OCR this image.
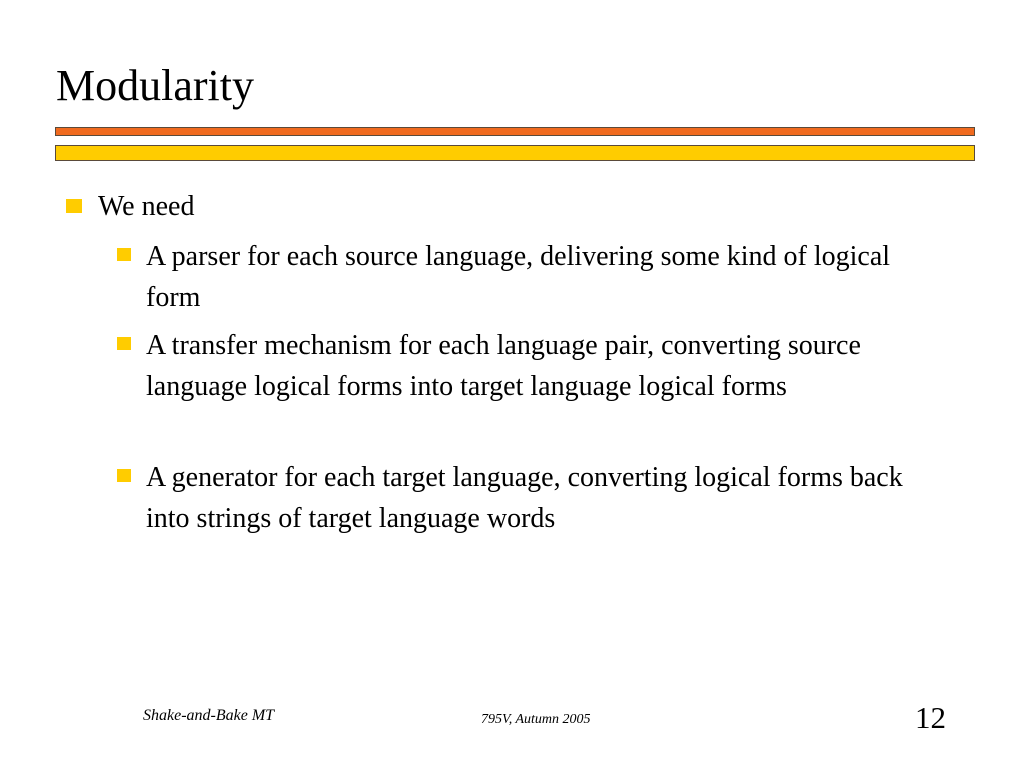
Modularity
We need
A parser for each source language, delivering some kind of logical form
A transfer mechanism for each language pair, converting source language logical forms into target language logical forms
A generator for each target language, converting logical forms back into strings of target language words
Shake-and-Bake MT	795V, Autumn 2005	12
